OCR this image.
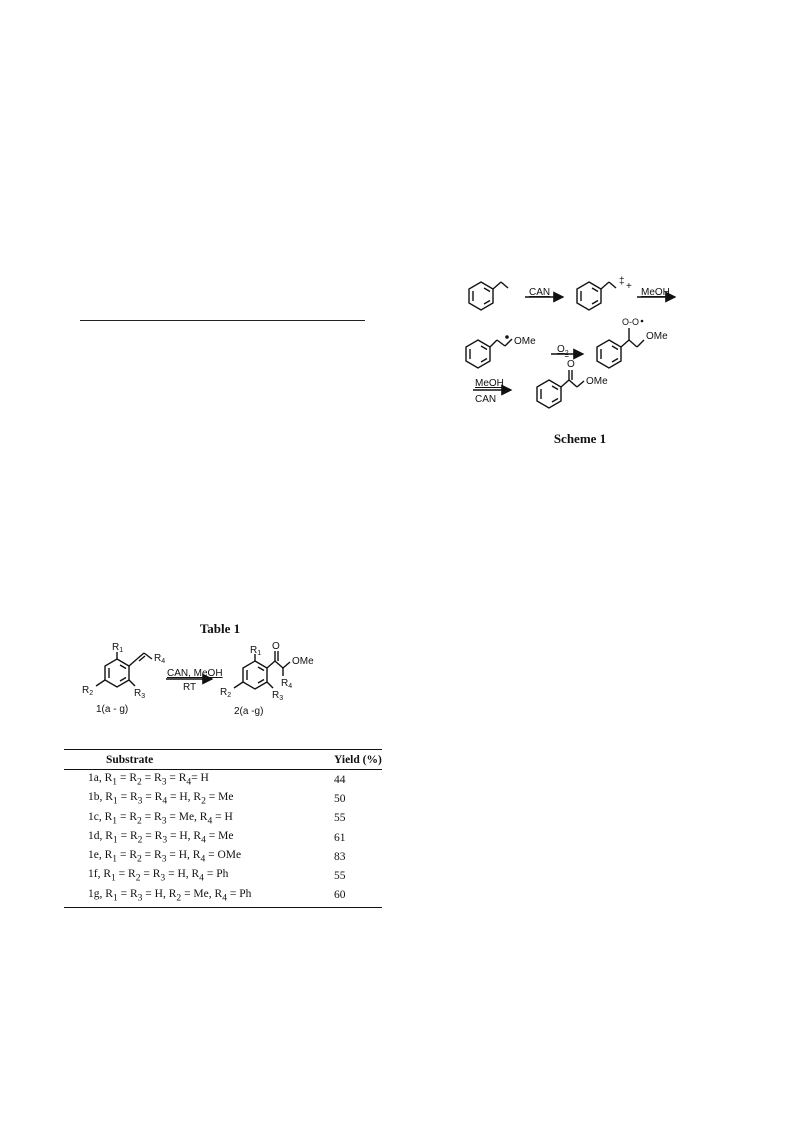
CAN
‡ +
MeOH
OMe
$O_2$
O-O
OMe
MeOH
CAN
O
OMe
Scheme 1
Table 1
$R_1$
$R_4$
$R_2$	$R_3$
1(a - g)
CAN, MeOH
RT
$R_1$
O
OMe
$R_4$
$R_2$	$R_3$
2(a -g)
Substrate	Yield (%)
1a, $R_1 = R_2 = R_3 = R_4= H$	44
1b, $R_1 = R_3 = R_4 = H$, $R_2 = Me$	50
1c, $R_1 = R_2 = R_3 = Me$, $R_4 = H$	55
1d, $R_1 = R_2 = R_3 = H$, $R_4 = Me$	61
1e, $R_1 = R_2 = R_3 = H$, $R_4$ = OMe	83
1f, $R_1 = R_2 = R_3 = H$, $R_4 = Ph$	55
1g, $R_1 = R_3 = H$, $R_2 = Me$, $R_4 = Ph$	60
